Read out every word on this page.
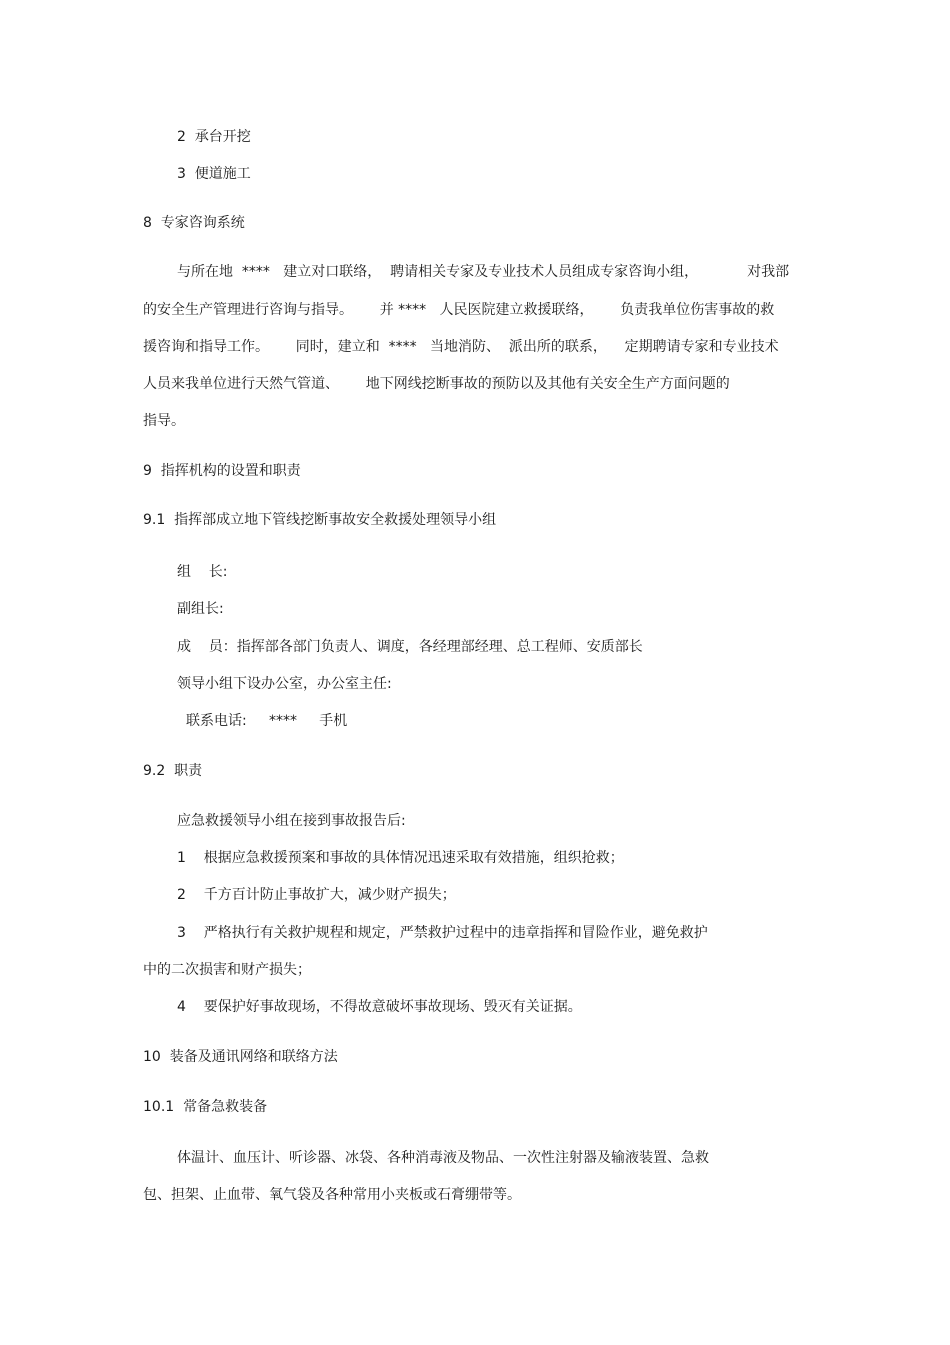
2  承台开挖
3  便道施工
8  专家咨询系统
与所在地  ****   建立对口联络，  聘请相关专家及专业技术人员组成专家咨询小组，           对我部
的安全生产管理进行咨询与指导。      并 ****   人民医院建立救援联络，      负责我单位伤害事故的救
援咨询和指导工作。      同时，建立和  ****   当地消防、  派出所的联系，    定期聘请专家和专业技术
人员来我单位进行天然气管道、      地下网线挖断事故的预防以及其他有关安全生产方面问题的
指导。
9  指挥机构的设置和职责
9.1  指挥部成立地下管线挖断事故安全救援处理领导小组
组    长:
副组长:
成    员：指挥部各部门负责人、调度，各经理部经理、总工程师、安质部长
领导小组下设办公室，办公室主任:
联系电话:     ****     手机
9.2  职责
应急救援领导小组在接到事故报告后:
1    根据应急救援预案和事故的具体情况迅速采取有效措施，组织抢救；
2    千方百计防止事故扩大，减少财产损失；
3    严格执行有关救护规程和规定，严禁救护过程中的违章指挥和冒险作业，避免救护
中的二次损害和财产损失；
4    要保护好事故现场，不得故意破坏事故现场、毁灭有关证据。
10  装备及通讯网络和联络方法
10.1  常备急救装备
体温计、血压计、听诊器、冰袋、各种消毒液及物品、一次性注射器及输液装置、急救
包、担架、止血带、氧气袋及各种常用小夹板或石膏绷带等。
